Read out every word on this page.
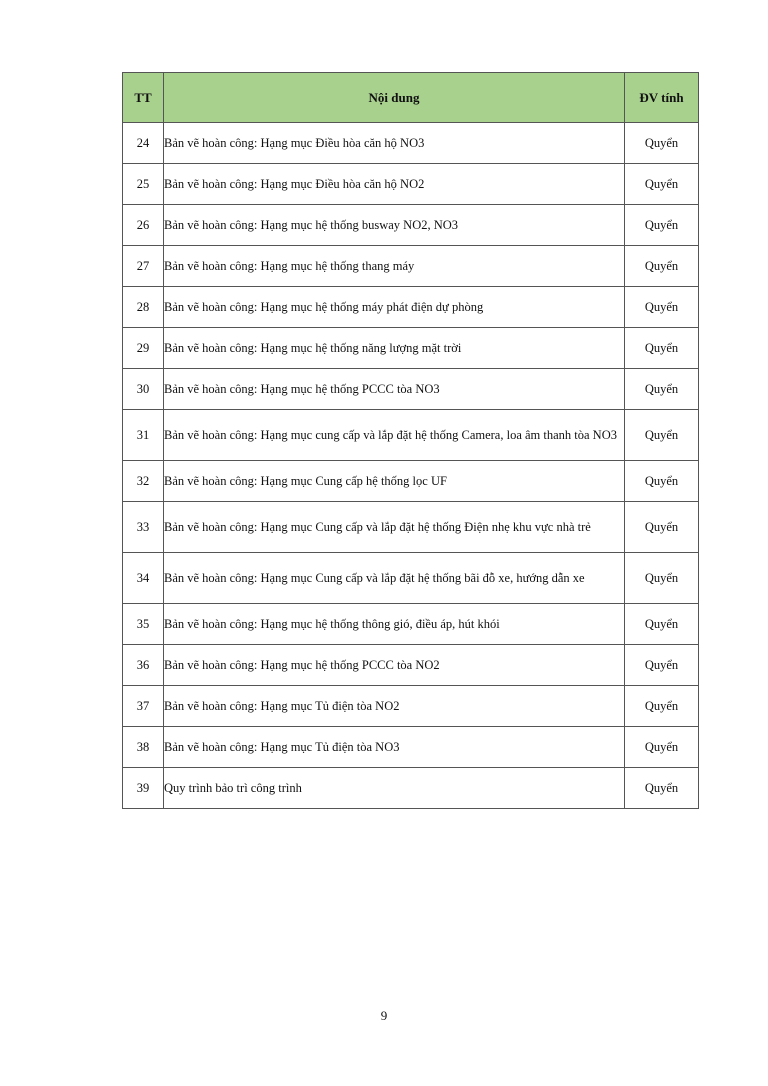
TT	Nội dung	ĐV tính
24	Bản vẽ hoàn công: Hạng mục Điều hòa căn hộ NO3	Quyển
25	Bản vẽ hoàn công: Hạng mục Điều hòa căn hộ NO2	Quyển
26	Bản vẽ hoàn công: Hạng mục hệ thống busway NO2, NO3	Quyển
27	Bản vẽ hoàn công: Hạng mục hệ thống thang máy	Quyển
28	Bản vẽ hoàn công: Hạng mục hệ thống máy phát điện dự phòng	Quyển
29	Bản vẽ hoàn công: Hạng mục hệ thống năng lượng mặt trời	Quyển
30	Bản vẽ hoàn công: Hạng mục hệ thống PCCC tòa NO3	Quyển
31	Bản vẽ hoàn công: Hạng mục cung cấp và lắp đặt hệ thống Camera, loa âm thanh tòa NO3	Quyển
32	Bản vẽ hoàn công: Hạng mục Cung cấp hệ thống lọc UF	Quyển
33	Bản vẽ hoàn công: Hạng mục Cung cấp và lắp đặt hệ thống Điện nhẹ khu vực nhà trẻ	Quyển
34	Bản vẽ hoàn công: Hạng mục Cung cấp và lắp đặt hệ thống bãi đỗ xe, hướng dẫn xe	Quyển
35	Bản vẽ hoàn công: Hạng mục hệ thống thông gió, điều áp, hút khói	Quyển
36	Bản vẽ hoàn công: Hạng mục hệ thống PCCC tòa NO2	Quyển
37	Bản vẽ hoàn công: Hạng mục Tủ điện tòa NO2	Quyển
38	Bản vẽ hoàn công: Hạng mục Tủ điện tòa NO3	Quyển
39	Quy trình bảo trì công trình	Quyển
9
